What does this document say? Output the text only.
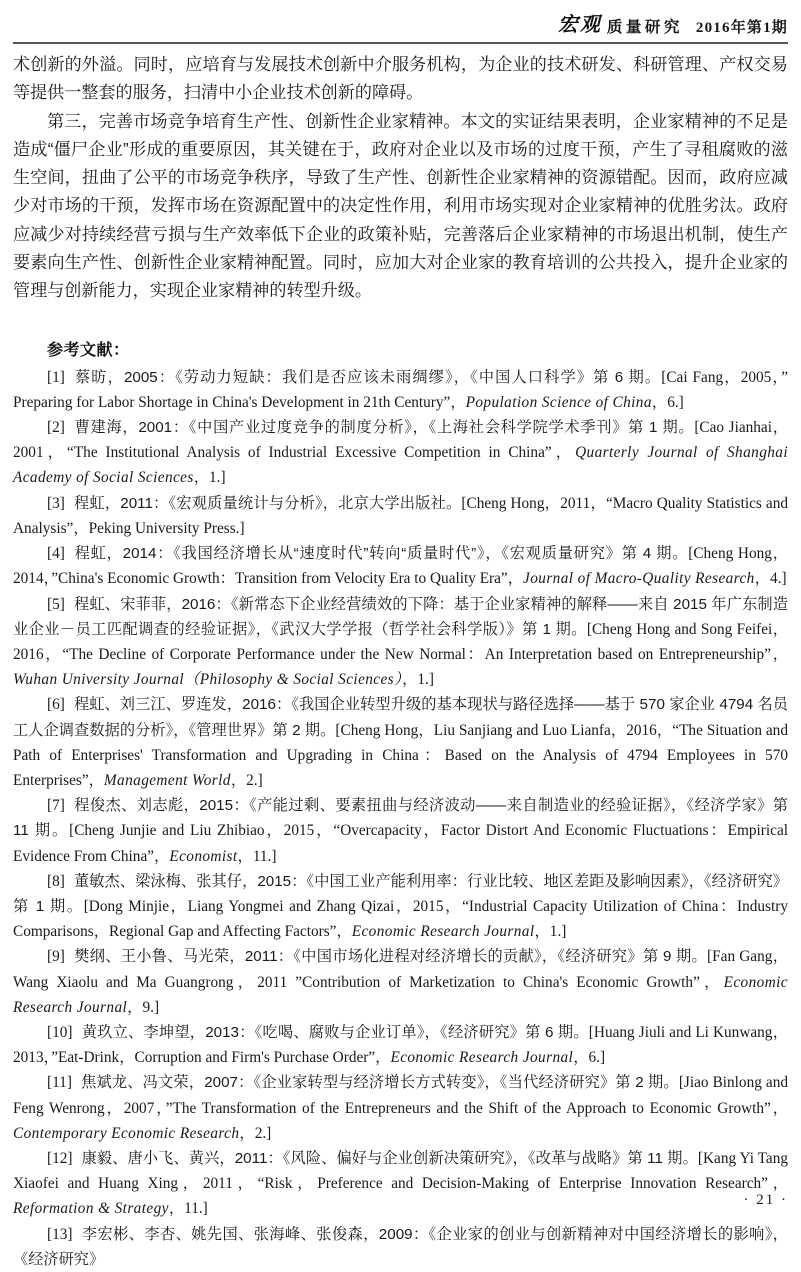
宏观 质量研究 2016年第1期

术创新的外溢。同时，应培育与发展技术创新中介服务机构，为企业的技术研发、科研管理、产权交易等提供一整套的服务，扫清中小企业技术创新的障碍。

第三，完善市场竞争培育生产性、创新性企业家精神。本文的实证结果表明，企业家精神的不足是造成“僵尸企业”形成的重要原因，其关键在于，政府对企业以及市场的过度干预，产生了寻租腐败的滋生空间，扭曲了公平的市场竞争秩序，导致了生产性、创新性企业家精神的资源错配。因而，政府应减少对市场的干预，发挥市场在资源配置中的决定性作用，利用市场实现对企业家精神的优胜劣汰。政府应减少对持续经营亏损与生产效率低下企业的政策补贴，完善落后企业家精神的市场退出机制，使生产要素向生产性、创新性企业家精神配置。同时，应加大对企业家的教育培训的公共投入，提升企业家的管理与创新能力，实现企业家精神的转型升级。

参考文献：

[1] 蔡昉，2005：《劳动力短缺：我们是否应该未雨绸缪》，《中国人口科学》第 6 期。[Cai Fang，2005，”Preparing for Labor Shortage in China's Development in 21th Century”，Population Science of China，6.]

[2] 曹建海，2001：《中国产业过度竞争的制度分析》，《上海社会科学院学术季刊》第 1 期。[Cao Jianhai，2001，“The Institutional Analysis of Industrial Excessive Competition in China”，Quarterly Journal of Shanghai Academy of Social Sciences，1.]

[3] 程虹，2011：《宏观质量统计与分析》，北京大学出版社。[Cheng Hong，2011，“Macro Quality Statistics and Analysis”，Peking University Press.]

[4] 程虹，2014：《我国经济增长从“速度时代”转向“质量时代”》，《宏观质量研究》第 4 期。[Cheng Hong，2014，”China's Economic Growth：Transition from Velocity Era to Quality Era”，Journal of Macro-Quality Research，4.]

[5] 程虹、宋菲菲，2016：《新常态下企业经营绩效的下降：基于企业家精神的解释——来自 2015 年广东制造业企业－员工匹配调查的经验证据》，《武汉大学学报（哲学社会科学版）》第 1 期。[Cheng Hong and Song Feifei，2016，“The Decline of Corporate Performance under the New Normal：An Interpretation based on Entrepreneurship”，Wuhan University Journal（Philosophy & Social Sciences），1.]

[6] 程虹、刘三江、罗连发，2016：《我国企业转型升级的基本现状与路径选择——基于 570 家企业 4794 名员工人企调查数据的分析》，《管理世界》第 2 期。[Cheng Hong，Liu Sanjiang and Luo Lianfa，2016，“The Situation and Path of Enterprises' Transformation and Upgrading in China：Based on the Analysis of 4794 Employees in 570 Enterprises”，Management World，2.]

[7] 程俊杰、刘志彪，2015：《产能过剩、要素扭曲与经济波动——来自制造业的经验证据》，《经济学家》第 11 期。[Cheng Junjie and Liu Zhibiao，2015，“Overcapacity，Factor Distort And Economic Fluctuations：Empirical Evidence From China”，Economist，11.]

[8] 董敏杰、梁泳梅、张其仔，2015：《中国工业产能利用率：行业比较、地区差距及影响因素》，《经济研究》第 1 期。[Dong Minjie，Liang Yongmei and Zhang Qizai，2015，“Industrial Capacity Utilization of China：Industry Comparisons，Regional Gap and Affecting Factors”，Economic Research Journal，1.]

[9] 樊纲、王小鲁、马光荣，2011：《中国市场化进程对经济增长的贡献》，《经济研究》第 9 期。[Fan Gang，Wang Xiaolu and Ma Guangrong，2011 ”Contribution of Marketization to China's Economic Growth”，Economic Research Journal，9.]

[10] 黄玖立、李坤望，2013：《吃喝、腐败与企业订单》，《经济研究》第 6 期。[Huang Jiuli and Li Kunwang，2013，”Eat-Drink，Corruption and Firm's Purchase Order”，Economic Research Journal，6.]

[11] 焦斌龙、冯文荣，2007：《企业家转型与经济增长方式转变》，《当代经济研究》第 2 期。[Jiao Binlong and Feng Wenrong，2007，”The Transformation of the Entrepreneurs and the Shift of the Approach to Economic Growth”，Contemporary Economic Research，2.]

[12] 康毅、唐小飞、黄兴，2011：《风险、偏好与企业创新决策研究》，《改革与战略》第 11 期。[Kang Yi Tang Xiaofei and Huang Xing，2011，“Risk，Preference and Decision-Making of Enterprise Innovation Research”，Reformation & Strategy，11.]

[13] 李宏彬、李杏、姚先国、张海峰、张俊森，2009：《企业家的创业与创新精神对中国经济增长的影响》，《经济研究》

· 21 ·
